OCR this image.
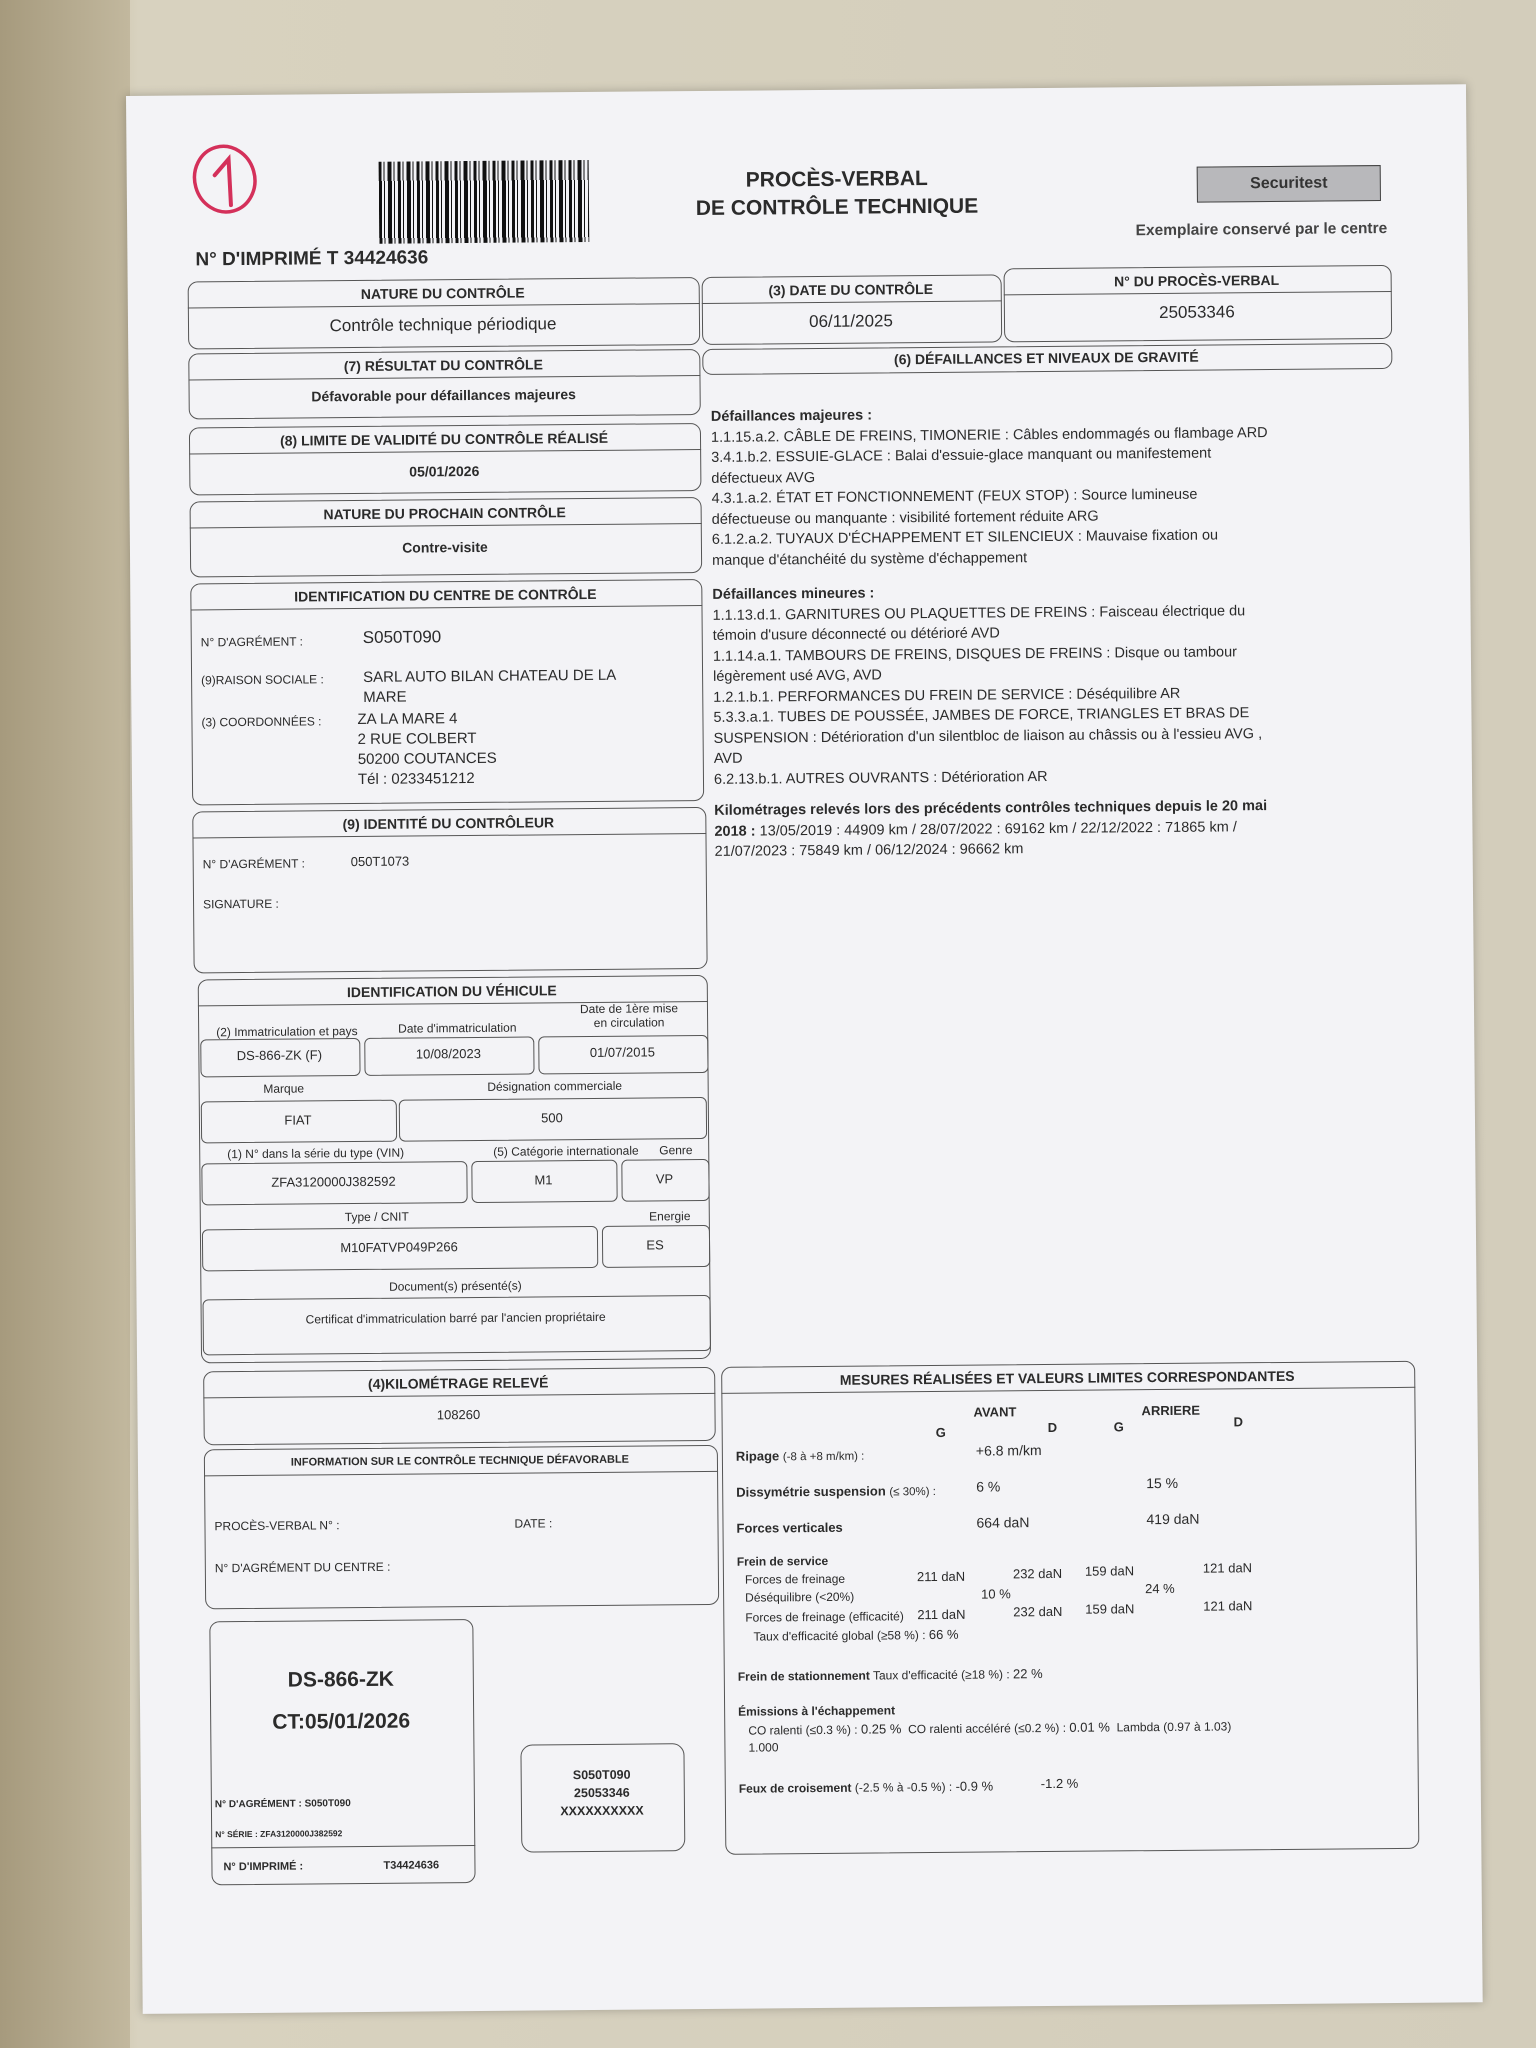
N° D'IMPRIMÉ T 34424636
PROCÈS-VERBAL
DE CONTRÔLE TECHNIQUE
Securitest
Exemplaire conservé par le centre
NATURE DU CONTRÔLE
Contrôle technique périodique
(3) DATE DU CONTRÔLE
06/11/2025
N° DU PROCÈS-VERBAL
25053346
(7) RÉSULTAT DU CONTRÔLE
Défavorable pour défaillances majeures
(8) LIMITE DE VALIDITÉ DU CONTRÔLE RÉALISÉ
05/01/2026
NATURE DU PROCHAIN CONTRÔLE
Contre-visite
(6) DÉFAILLANCES ET NIVEAUX DE GRAVITÉ
Défaillances majeures :
1.1.15.a.2. CÂBLE DE FREINS, TIMONERIE : Câbles endommagés ou flambage ARD
3.4.1.b.2. ESSUIE-GLACE : Balai d'essuie-glace manquant ou manifestement
défectueux AVG
4.3.1.a.2. ÉTAT ET FONCTIONNEMENT (FEUX STOP) : Source lumineuse
défectueuse ou manquante : visibilité fortement réduite ARG
6.1.2.a.2. TUYAUX D'ÉCHAPPEMENT ET SILENCIEUX : Mauvaise fixation ou
manque d'étanchéité du système d'échappement
Défaillances mineures :
1.1.13.d.1. GARNITURES OU PLAQUETTES DE FREINS : Faisceau électrique du
témoin d'usure déconnecté ou détérioré AVD
1.1.14.a.1. TAMBOURS DE FREINS, DISQUES DE FREINS : Disque ou tambour
légèrement usé AVG, AVD
1.2.1.b.1. PERFORMANCES DU FREIN DE SERVICE : Déséquilibre AR
5.3.3.a.1. TUBES DE POUSSÉE, JAMBES DE FORCE, TRIANGLES ET BRAS DE
SUSPENSION : Détérioration d'un silentbloc de liaison au châssis ou à l'essieu AVG ,
AVD
6.2.13.b.1. AUTRES OUVRANTS : Détérioration AR
Kilométrages relevés lors des précédents contrôles techniques depuis le 20 mai
2018 : 13/05/2019 : 44909 km / 28/07/2022 : 69162 km / 22/12/2022 : 71865 km /
21/07/2023 : 75849 km / 06/12/2024 : 96662 km
IDENTIFICATION DU CENTRE DE CONTRÔLE
N° D'AGRÉMENT :	S050T090
(9)RAISON SOCIALE :	SARL AUTO BILAN CHATEAU DE LA
MARE
(3) COORDONNÉES : ZA LA MARE 4
2 RUE COLBERT
50200 COUTANCES
Tél : 0233451212
(9) IDENTITÉ DU CONTRÔLEUR
N° D'AGRÉMENT :	050T1073
SIGNATURE :
IDENTIFICATION DU VÉHICULE
(2) Immatriculation et pays	Date d'immatriculation
Date de 1ère mise
en circulation
DS-866-ZK (F)	10/08/2023	01/07/2015
Marque	Désignation commerciale
FIAT	500
(1) N° dans la série du type (VIN)	(5) Catégorie internationale Genre
ZFA3120000J382592	M1	VP
Type / CNIT	Energie
M10FATVP049P266	ES
Document(s) présenté(s)
Certificat d'immatriculation barré par l'ancien propriétaire
(4)KILOMÉTRAGE RELEVÉ
108260
INFORMATION SUR LE CONTRÔLE TECHNIQUE DÉFAVORABLE
PROCÈS-VERBAL N° :	DATE :
N° D'AGRÉMENT DU CENTRE :
DS-866-ZK
CT:05/01/2026
N° D'AGRÉMENT : S050T090
N° SÉRIE : ZFA3120000J382592
N° D'IMPRIMÉ :	T34424636
S050T090
25053346
XXXXXXXXXX
MESURES RÉALISÉES ET VALEURS LIMITES CORRESPONDANTES
AVANT	ARRIERE
G	D	G	D
Ripage (-8 à +8 m/km) :	+6.8 m/km
Dissymétrie suspension (≤ 30%) :	6 %	15 %
Forces verticales	664 daN	419 daN
Frein de service
Forces de freinage	211 daN	232 daN 159 daN	121 daN
Déséquilibre (<20%)	10 %	24 %
Forces de freinage (efficacité) 211 daN	232 daN 159 daN	121 daN
Taux d'efficacité global (≥58 %) : 66 %
Frein de stationnement Taux d'efficacité (≥18 %) : 22 %
Émissions à l'échappement
CO ralenti (≤0.3 %) : 0.25 % CO ralenti accéléré (≤0.2 %) : 0.01 % Lambda (0.97 à 1.03)
1.000
Feux de croisement (-2.5 % à -0.5 %) : -0.9 %	-1.2 %
